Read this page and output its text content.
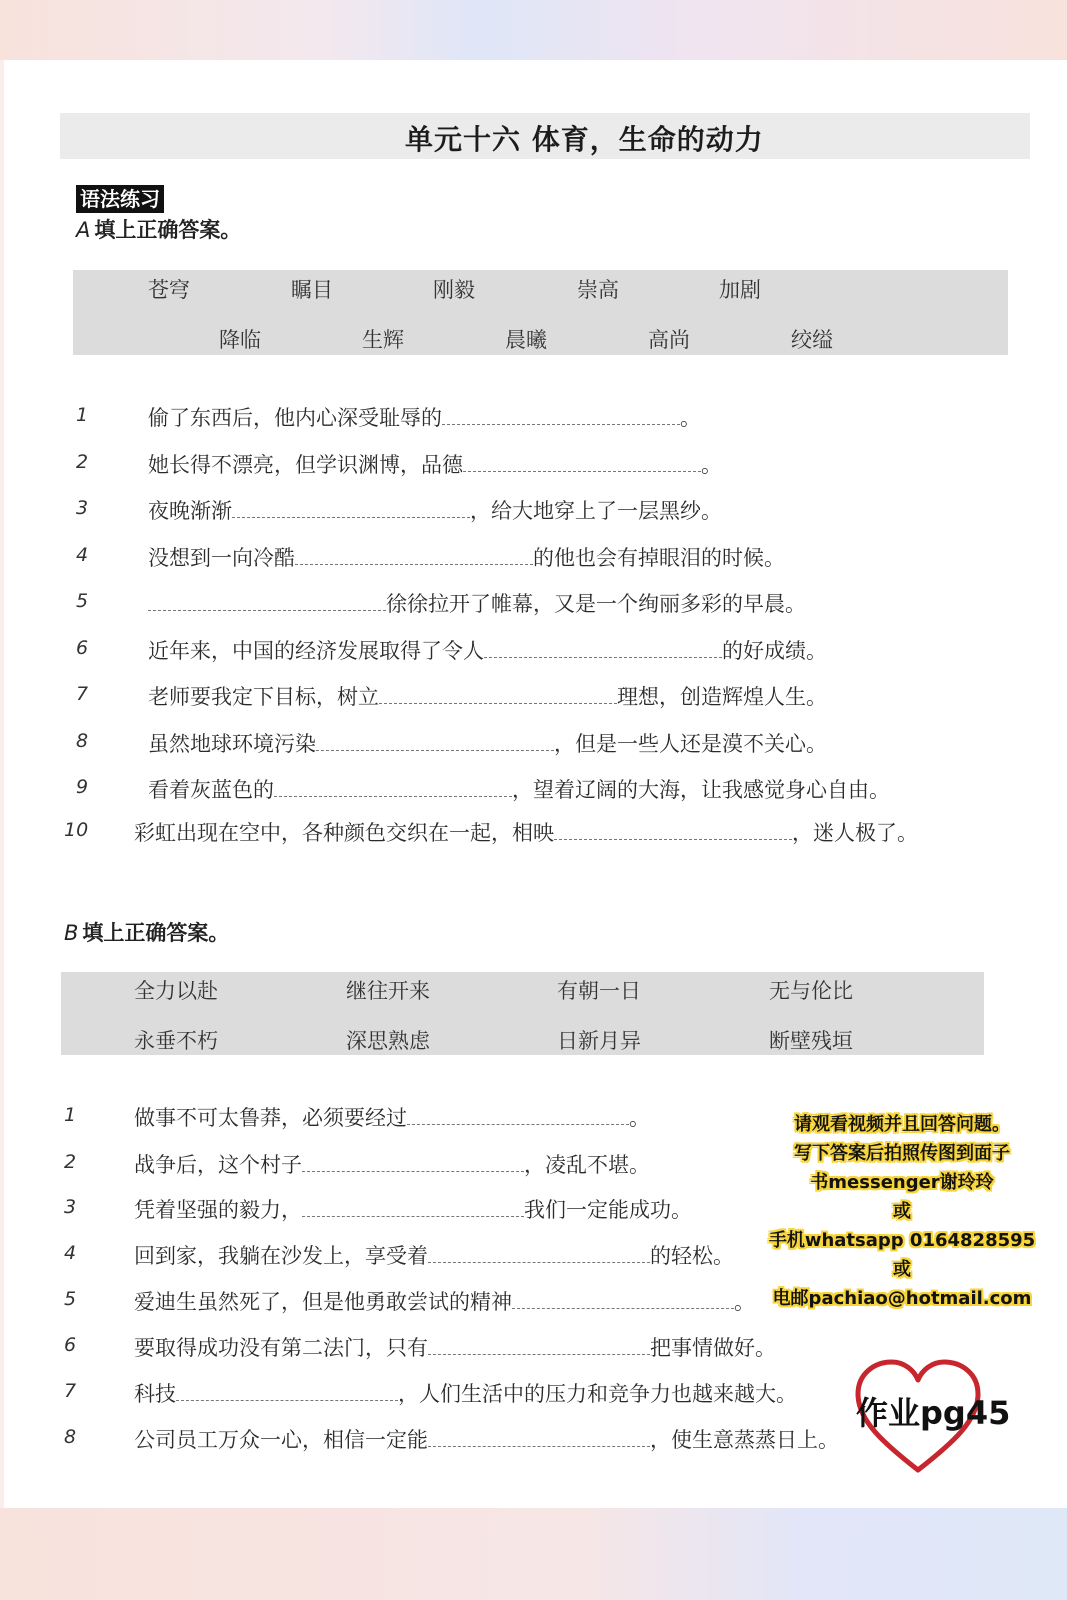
单元十六 体育，生命的动力
语法练习
A 填上正确答案。
苍穹	瞩目	刚毅	崇高	加剧
降临	生辉	晨曦	高尚	绞缢
1	偷了东西后，他内心深受耻辱的	。
2	她长得不漂亮，但学识渊博，品德	。
3	夜晚渐渐	，给大地穿上了一层黑纱。
4	没想到一向冷酷	的他也会有掉眼泪的时候。
5	徐徐拉开了帷幕，又是一个绚丽多彩的早晨。
6	近年来，中国的经济发展取得了令人	的好成绩。
7	老师要我定下目标，树立	理想，创造辉煌人生。
8	虽然地球环境污染	，但是一些人还是漠不关心。
9	看着灰蓝色的	，望着辽阔的大海，让我感觉身心自由。
10 彩虹出现在空中，各种颜色交织在一起，相映	，迷人极了。
B 填上正确答案。
全力以赴	继往开来	有朝一日	无与伦比
永垂不朽	深思熟虑	日新月异	断壁残垣
1	做事不可太鲁莽，必须要经过	。
2	战争后，这个村子	，凌乱不堪。
3	凭着坚强的毅力，	我们一定能成功。
4	回到家，我躺在沙发上，享受着	的轻松。
5	爱迪生虽然死了，但是他勇敢尝试的精神	。
6	要取得成功没有第二法门，只有	把事情做好。
7	科技	，人们生活中的压力和竞争力也越来越大。
8	公司员工万众一心，相信一定能	，使生意蒸蒸日上。
请观看视频并且回答问题。
写下答案后拍照传图到面子
书messenger谢玲玲
或
手机whatsapp 0164828595
或
电邮pachiao@hotmail.com
作业pg45
